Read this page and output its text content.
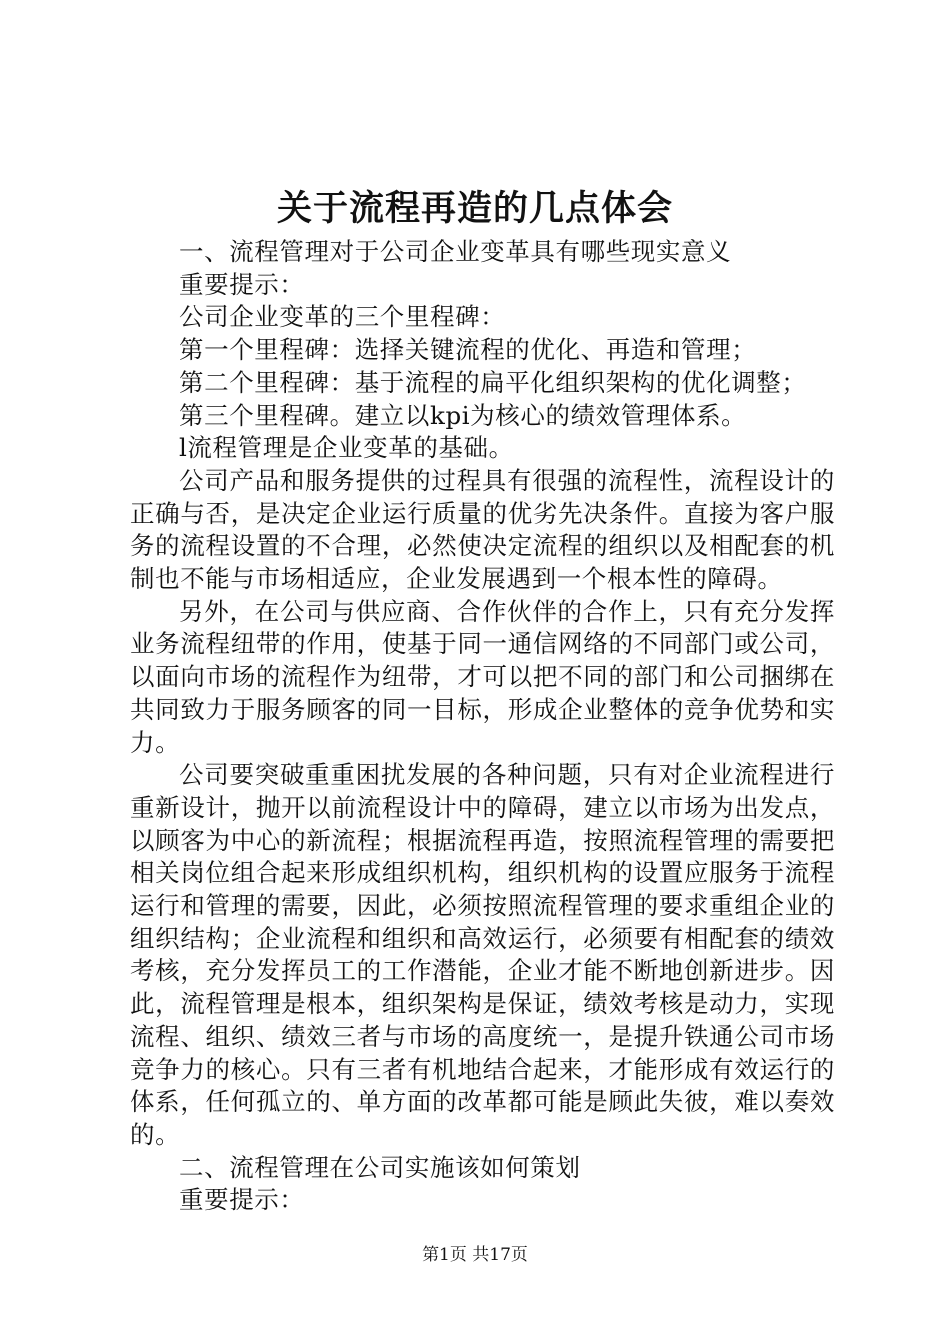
关于流程再造的几点体会

一、流程管理对于公司企业变革具有哪些现实意义

重要提示：

公司企业变革的三个里程碑：

第一个里程碑：选择关键流程的优化、再造和管理；

第二个里程碑：基于流程的扁平化组织架构的优化调整；

第三个里程碑。建立以kpi为核心的绩效管理体系。

l流程管理是企业变革的基础。

公司产品和服务提供的过程具有很强的流程性，流程设计的正确与否，是决定企业运行质量的优劣先决条件。直接为客户服务的流程设置的不合理，必然使决定流程的组织以及相配套的机制也不能与市场相适应，企业发展遇到一个根本性的障碍。

另外，在公司与供应商、合作伙伴的合作上，只有充分发挥业务流程纽带的作用，使基于同一通信网络的不同部门或公司，以面向市场的流程作为纽带，才可以把不同的部门和公司捆绑在共同致力于服务顾客的同一目标，形成企业整体的竞争优势和实力。

公司要突破重重困扰发展的各种问题，只有对企业流程进行重新设计，抛开以前流程设计中的障碍，建立以市场为出发点，以顾客为中心的新流程；根据流程再造，按照流程管理的需要把相关岗位组合起来形成组织机构，组织机构的设置应服务于流程运行和管理的需要，因此，必须按照流程管理的要求重组企业的组织结构；企业流程和组织和高效运行，必须要有相配套的绩效考核，充分发挥员工的工作潜能，企业才能不断地创新进步。因此，流程管理是根本，组织架构是保证，绩效考核是动力，实现流程、组织、绩效三者与市场的高度统一，是提升铁通公司市场竞争力的核心。只有三者有机地结合起来，才能形成有效运行的体系，任何孤立的、单方面的改革都可能是顾此失彼，难以奏效的。

二、流程管理在公司实施该如何策划

重要提示：

第1页 共17页
